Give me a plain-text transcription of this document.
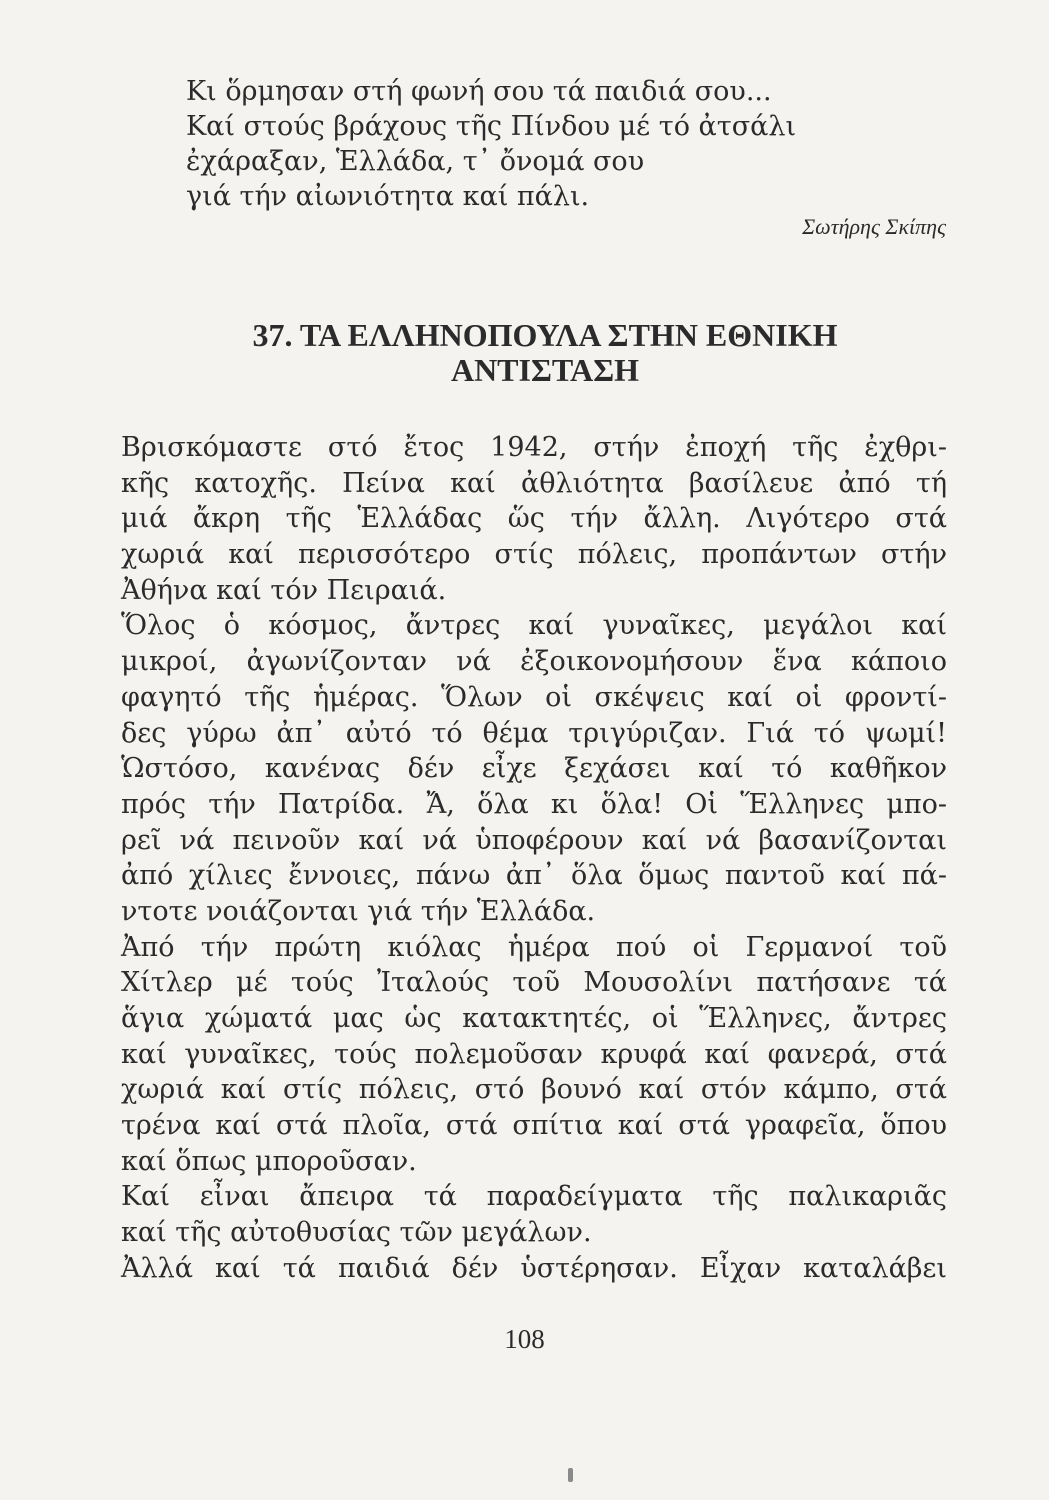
Κι ὅρμησαν στή φωνή σου τά παιδιά σου...
Καί στούς βράχους τῆς Πίνδου μέ τό ἀτσάλι
ἐχάραξαν, Ἑλλάδα, τ᾽ ὄνομά σου
γιά τήν αἰωνιότητα καί πάλι.
Σωτήρης Σκίπης
37. ΤΑ ΕΛΛΗΝΟΠΟΥΛΑ ΣΤΗΝ ΕΘΝΙΚΗ
ΑΝΤΙΣΤΑΣΗ
Βρισκόμαστε στό ἔτος 1942, στήν ἐποχή τῆς ἐχθρι-
κῆς κατοχῆς. Πείνα καί ἀθλιότητα βασίλευε ἀπό τή
μιά ἄκρη τῆς Ἑλλάδας ὥς τήν ἄλλη. Λιγότερο στά
χωριά καί περισσότερο στίς πόλεις, προπάντων στήν
Ἀθήνα καί τόν Πειραιά.
Ὅλος ὁ κόσμος, ἄντρες καί γυναῖκες, μεγάλοι καί
μικροί, ἀγωνίζονταν νά ἐξοικονομήσουν ἕνα κάποιο
φαγητό τῆς ἡμέρας. Ὅλων οἱ σκέψεις καί οἱ φροντί-
δες γύρω ἀπ᾽ αὐτό τό θέμα τριγύριζαν. Γιά τό ψωμί!
Ὡστόσο, κανένας δέν εἶχε ξεχάσει καί τό καθῆκον
πρός τήν Πατρίδα. Ἄ, ὅλα κι ὅλα! Οἱ Ἕλληνες μπο-
ρεῖ νά πεινοῦν καί νά ὑποφέρουν καί νά βασανίζονται
ἀπό χίλιες ἔννοιες, πάνω ἀπ᾽ ὅλα ὅμως παντοῦ καί πά-
ντοτε νοιάζονται γιά τήν Ἑλλάδα.
Ἀπό τήν πρώτη κιόλας ἡμέρα πού οἱ Γερμανοί τοῦ
Χίτλερ μέ τούς Ἰταλούς τοῦ Μουσολίνι πατήσανε τά
ἅγια χώματά μας ὡς κατακτητές, οἱ Ἕλληνες, ἄντρες
καί γυναῖκες, τούς πολεμοῦσαν κρυφά καί φανερά, στά
χωριά καί στίς πόλεις, στό βουνό καί στόν κάμπο, στά
τρένα καί στά πλοῖα, στά σπίτια καί στά γραφεῖα, ὅπου
καί ὅπως μποροῦσαν.
Καί εἶναι ἄπειρα τά παραδείγματα τῆς παλικαριᾶς
καί τῆς αὐτοθυσίας τῶν μεγάλων.
Ἀλλά καί τά παιδιά δέν ὑστέρησαν. Εἶχαν καταλάβει
108
